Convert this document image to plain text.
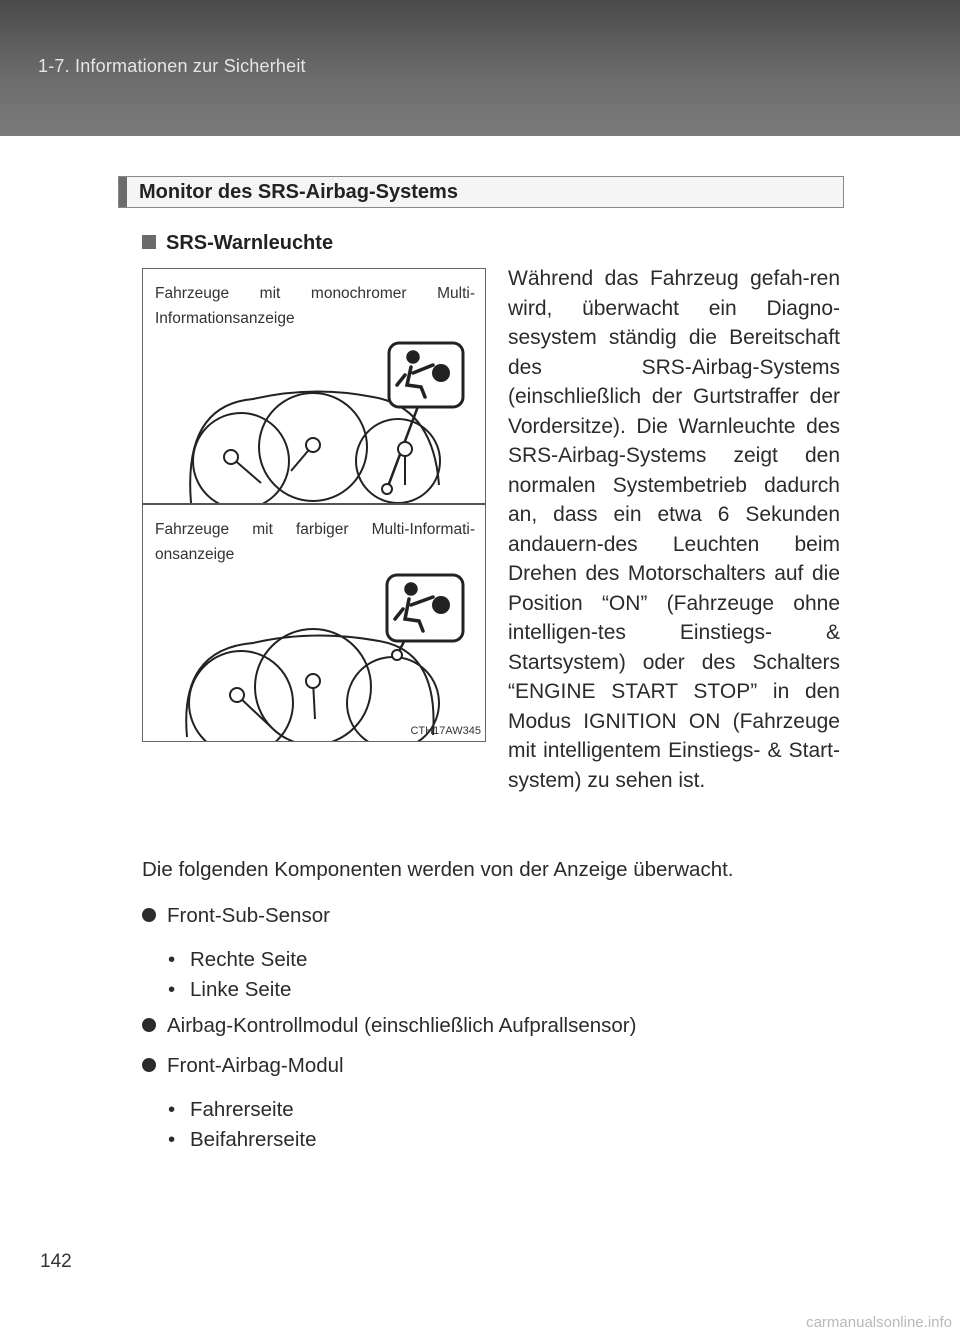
1-7. Informationen zur Sicherheit
Monitor des SRS-Airbag-Systems
SRS-Warnleuchte
Fahrzeuge mit monochromer Multi-Informationsanzeige
Fahrzeuge mit farbiger Multi-Informati-onsanzeige
CTH17AW345
Während das Fahrzeug gefah-ren wird, überwacht ein Diagno-sesystem ständig die Bereitschaft des SRS-Airbag-Systems (einschließlich der Gurtstraffer der Vordersitze). Die Warnleuchte des SRS-Airbag-Systems zeigt den normalen Systembetrieb dadurch an, dass ein etwa 6 Sekunden andauern-des Leuchten beim Drehen des Motorschalters auf die Position “ON” (Fahrzeuge ohne intelligen-tes Einstiegs- & Startsystem) oder des Schalters “ENGINE START STOP” in den Modus IGNITION ON (Fahrzeuge mit intelligentem Einstiegs- & Start-system) zu sehen ist.
Die folgenden Komponenten werden von der Anzeige überwacht.
Front-Sub-Sensor
• Rechte Seite
• Linke Seite
Airbag-Kontrollmodul (einschließlich Aufprallsensor)
Front-Airbag-Modul
• Fahrerseite
• Beifahrerseite
142
carmanualsonline.info
